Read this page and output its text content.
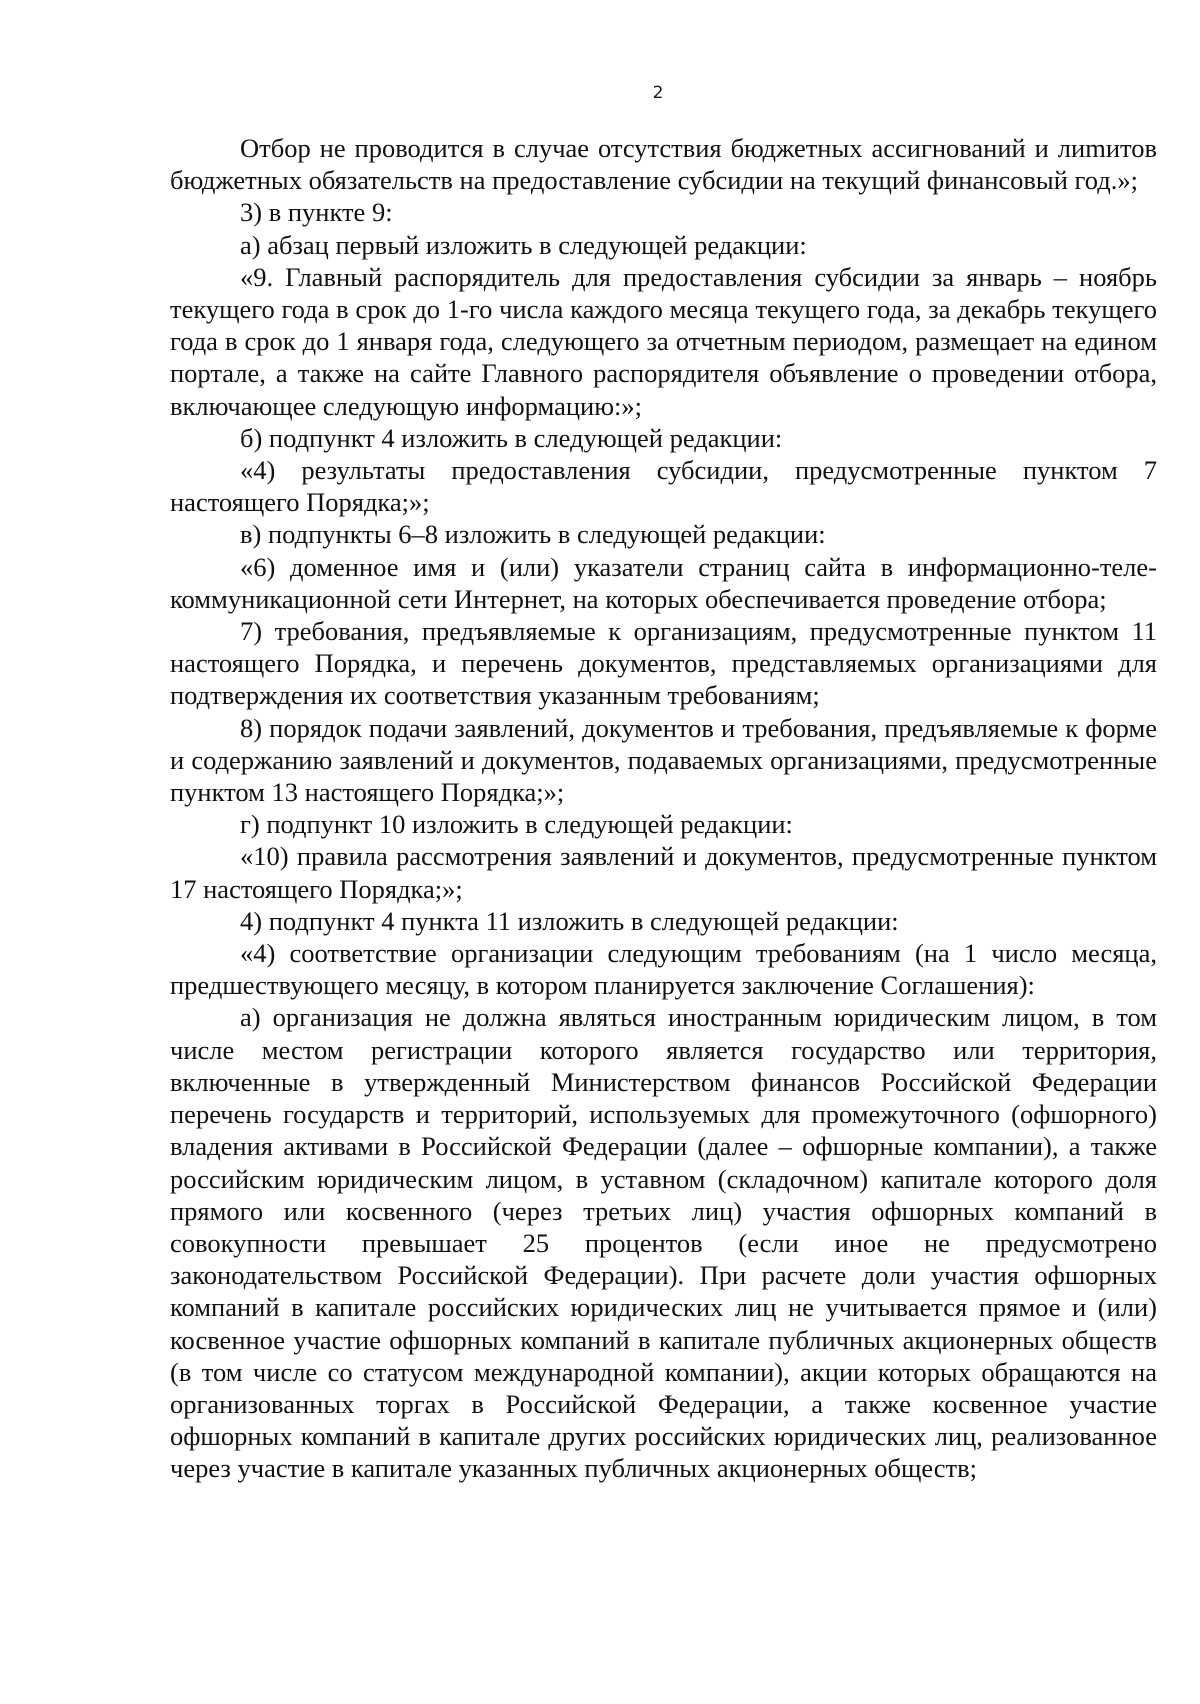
2

Отбор не проводится в случае отсутствия бюджетных ассигнований и лиmитов бюджетных обязательств на предоставление субсидии на текущий финансовый год.»;

3) в пункте 9:

а) абзац первый изложить в следующей редакции:

«9. Главный распорядитель для предоставления субсидии за январь – ноябрь текущего года в срок до 1-го числа каждого месяца текущего года, за декабрь текущего года в срок до 1 января года, следующего за отчетным периодом, размещает на едином портале, а также на сайте Главного распорядителя объявление о проведении отбора, включающее следующую информацию:»;

б) подпункт 4 изложить в следующей редакции:

«4) результаты предоставления субсидии, предусмотренные пунктом 7 настоящего Порядка;»;

в) подпункты 6–8 изложить в следующей редакции:

«6) доменное имя и (или) указатели страниц сайта в информационно-телекоммуникационной сети Интернет, на которых обеспечивается проведение отбора;

7) требования, предъявляемые к организациям, предусмотренные пунктом 11 настоящего Порядка, и перечень документов, представляемых организациями для подтверждения их соответствия указанным требованиям;

8) порядок подачи заявлений, документов и требования, предъявляемые к форме и содержанию заявлений и документов, подаваемых организациями, предусмотренные пунктом 13 настоящего Порядка;»;

г) подпункт 10 изложить в следующей редакции:

«10) правила рассмотрения заявлений и документов, предусмотренные пунктом 17 настоящего Порядка;»;

4) подпункт 4 пункта 11 изложить в следующей редакции:

«4) соответствие организации следующим требованиям (на 1 число месяца, предшествующего месяцу, в котором планируется заключение Соглашения):

а) организация не должна являться иностранным юридическим лицом, в том числе местом регистрации которого является государство или территория, включенные в утвержденный Министерством финансов Российской Федерации перечень государств и территорий, используемых для промежуточного (офшорного) владения активами в Российской Федерации (далее – офшорные компании), а также российским юридическим лицом, в уставном (складочном) капитале которого доля прямого или косвенного (через третьих лиц) участия офшорных компаний в совокупности превышает 25 процентов (если иное не предусмотрено законодательством Российской Федерации). При расчете доли участия офшорных компаний в капитале российских юридических лиц не учитывается прямое и (или) косвенное участие офшорных компаний в капитале публичных акционерных обществ (в том числе со статусом международной компании), акции которых обращаются на организованных торгах в Российской Федерации, а также косвенное участие офшорных компаний в капитале других российских юридических лиц, реализованное через участие в капитале указанных публичных акционерных обществ;
